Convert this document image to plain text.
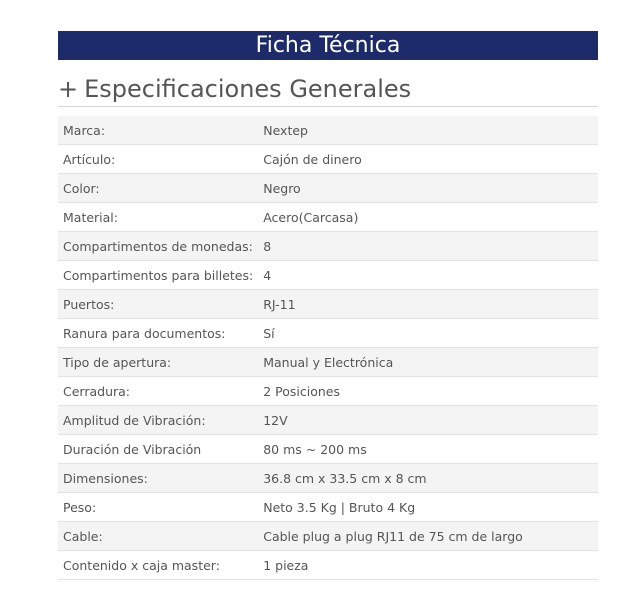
Ficha Técnica
+ Especificaciones Generales
Marca:	Nextep
Artículo:	Cajón de dinero
Color:	Negro
Material:	Acero(Carcasa)
Compartimentos de monedas:	8
Compartimentos para billetes:	4
Puertos:	RJ-11
Ranura para documentos:	Sí
Tipo de apertura:	Manual y Electrónica
Cerradura:	2 Posiciones
Amplitud de Vibración:	12V
Duración de Vibración	80 ms ~ 200 ms
Dimensiones:	36.8 cm x 33.5 cm x 8 cm
Peso:	Neto 3.5 Kg | Bruto 4 Kg
Cable:	Cable plug a plug RJ11 de 75 cm de largo
Contenido x caja master:	1 pieza
